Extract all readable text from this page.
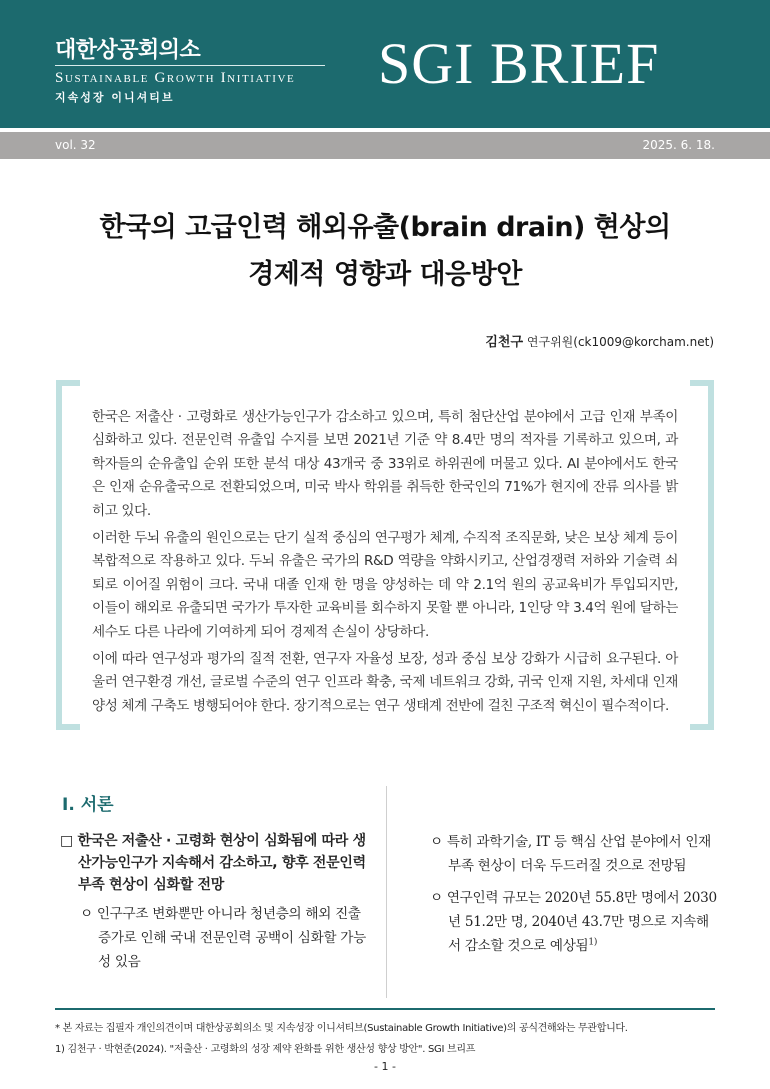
대한상공회의소
Sustainable Growth Initiative
지속성장 이니셔티브
SGI BRIEF
vol. 32	2025. 6. 18.
한국의 고급인력 해외유출(brain drain) 현상의
경제적 영향과 대응방안
김천구 연구위원(ck1009@korcham.net)

한국은 저출산 · 고령화로 생산가능인구가 감소하고 있으며, 특히 첨단산업 분야에서 고급 인재 부족이 심화하고 있다. 전문인력 유출입 수지를 보면 2021년 기준 약 8.4만 명의 적자를 기록하고 있으며, 과학자들의 순유출입 순위 또한 분석 대상 43개국 중 33위로 하위권에 머물고 있다. AI 분야에서도 한국은 인재 순유출국으로 전환되었으며, 미국 박사 학위를 취득한 한국인의 71%가 현지에 잔류 의사를 밝히고 있다.

이러한 두뇌 유출의 원인으로는 단기 실적 중심의 연구평가 체계, 수직적 조직문화, 낮은 보상 체계 등이 복합적으로 작용하고 있다. 두뇌 유출은 국가의 R&D 역량을 약화시키고, 산업경쟁력 저하와 기술력 쇠퇴로 이어질 위험이 크다. 국내 대졸 인재 한 명을 양성하는 데 약 2.1억 원의 공교육비가 투입되지만, 이들이 해외로 유출되면 국가가 투자한 교육비를 회수하지 못할 뿐 아니라, 1인당 약 3.4억 원에 달하는 세수도 다른 나라에 기여하게 되어 경제적 손실이 상당하다.

이에 따라 연구성과 평가의 질적 전환, 연구자 자율성 보장, 성과 중심 보상 강화가 시급히 요구된다. 아울러 연구환경 개선, 글로벌 수준의 연구 인프라 확충, 국제 네트워크 강화, 귀국 인재 지원, 차세대 인재양성 체계 구축도 병행되어야 한다. 장기적으로는 연구 생태계 전반에 걸친 구조적 혁신이 필수적이다.

Ⅰ. 서론
□ 한국은 저출산 · 고령화 현상이 심화됨에 따라 생산가능인구가 지속해서 감소하고, 향후 전문인력 부족 현상이 심화할 전망
ㅇ 인구구조 변화뿐만 아니라 청년층의 해외 진출 증가로 인해 국내 전문인력 공백이 심화할 가능성 있음
ㅇ 특히 과학기술, IT 등 핵심 산업 분야에서 인재 부족 현상이 더욱 두드러질 것으로 전망됨
ㅇ 연구인력 규모는 2020년 55.8만 명에서 2030년 51.2만 명, 2040년 43.7만 명으로 지속해서 감소할 것으로 예상됨$^{1)}$
* 본 자료는 집필자 개인의견이며 대한상공회의소 및 지속성장 이니셔티브(Sustainable Growth Initiative)의 공식견해와는 무관합니다.
1) 김천구 · 박현준(2024). "저출산 · 고령화의 성장 제약 완화를 위한 생산성 향상 방안". SGI 브리프
- 1 -
